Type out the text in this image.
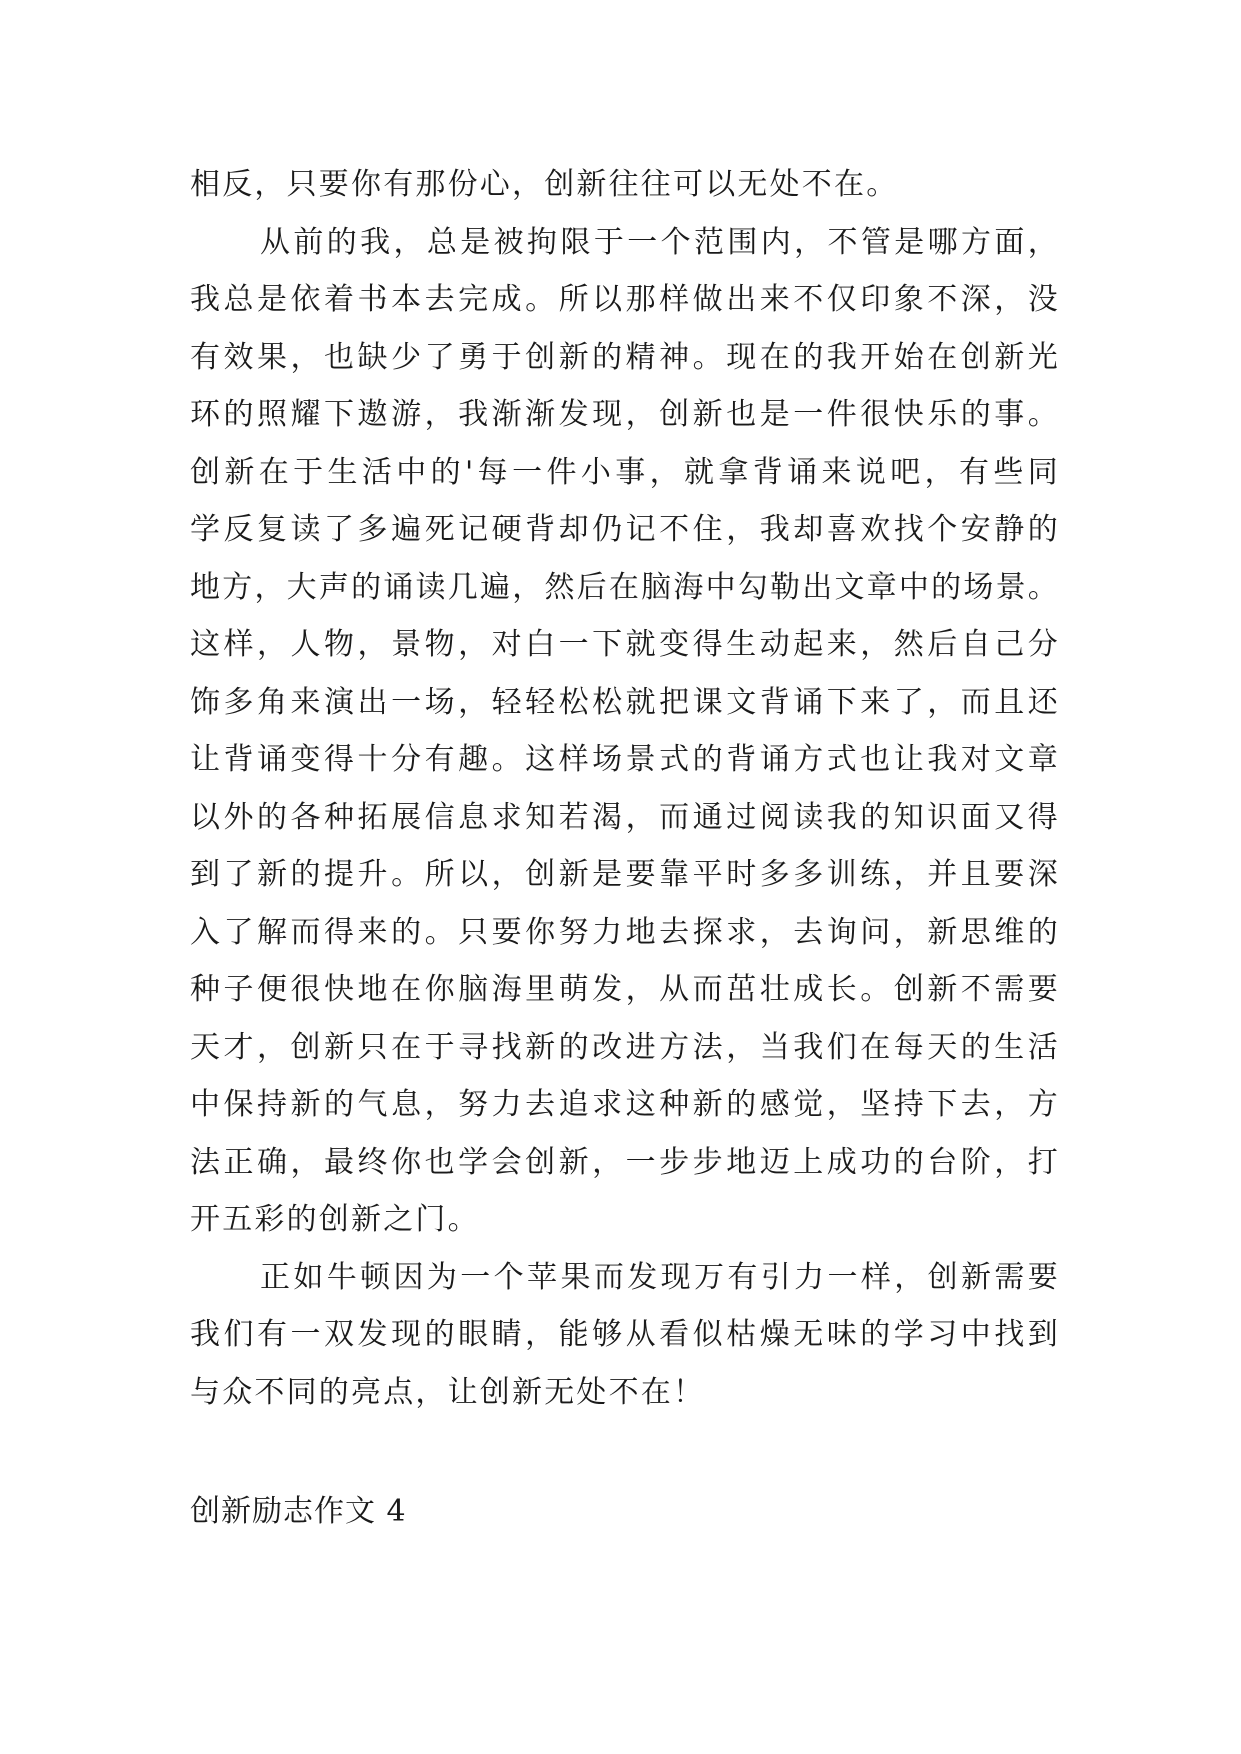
相反，只要你有那份心，创新往往可以无处不在。
从前的我，总是被拘限于一个范围内，不管是哪方面，
我总是依着书本去完成。所以那样做出来不仅印象不深，没
有效果，也缺少了勇于创新的精神。现在的我开始在创新光
环的照耀下遨游，我渐渐发现，创新也是一件很快乐的事。
创新在于生活中的'每一件小事，就拿背诵来说吧，有些同
学反复读了多遍死记硬背却仍记不住，我却喜欢找个安静的
地方，大声的诵读几遍，然后在脑海中勾勒出文章中的场景。
这样，人物，景物，对白一下就变得生动起来，然后自己分
饰多角来演出一场，轻轻松松就把课文背诵下来了，而且还
让背诵变得十分有趣。这样场景式的背诵方式也让我对文章
以外的各种拓展信息求知若渴，而通过阅读我的知识面又得
到了新的提升。所以，创新是要靠平时多多训练，并且要深
入了解而得来的。只要你努力地去探求，去询问，新思维的
种子便很快地在你脑海里萌发，从而茁壮成长。创新不需要
天才，创新只在于寻找新的改进方法，当我们在每天的生活
中保持新的气息，努力去追求这种新的感觉，坚持下去，方
法正确，最终你也学会创新，一步步地迈上成功的台阶，打
开五彩的创新之门。
正如牛顿因为一个苹果而发现万有引力一样，创新需要
我们有一双发现的眼睛，能够从看似枯燥无味的学习中找到
与众不同的亮点，让创新无处不在！
创新励志作文 4
